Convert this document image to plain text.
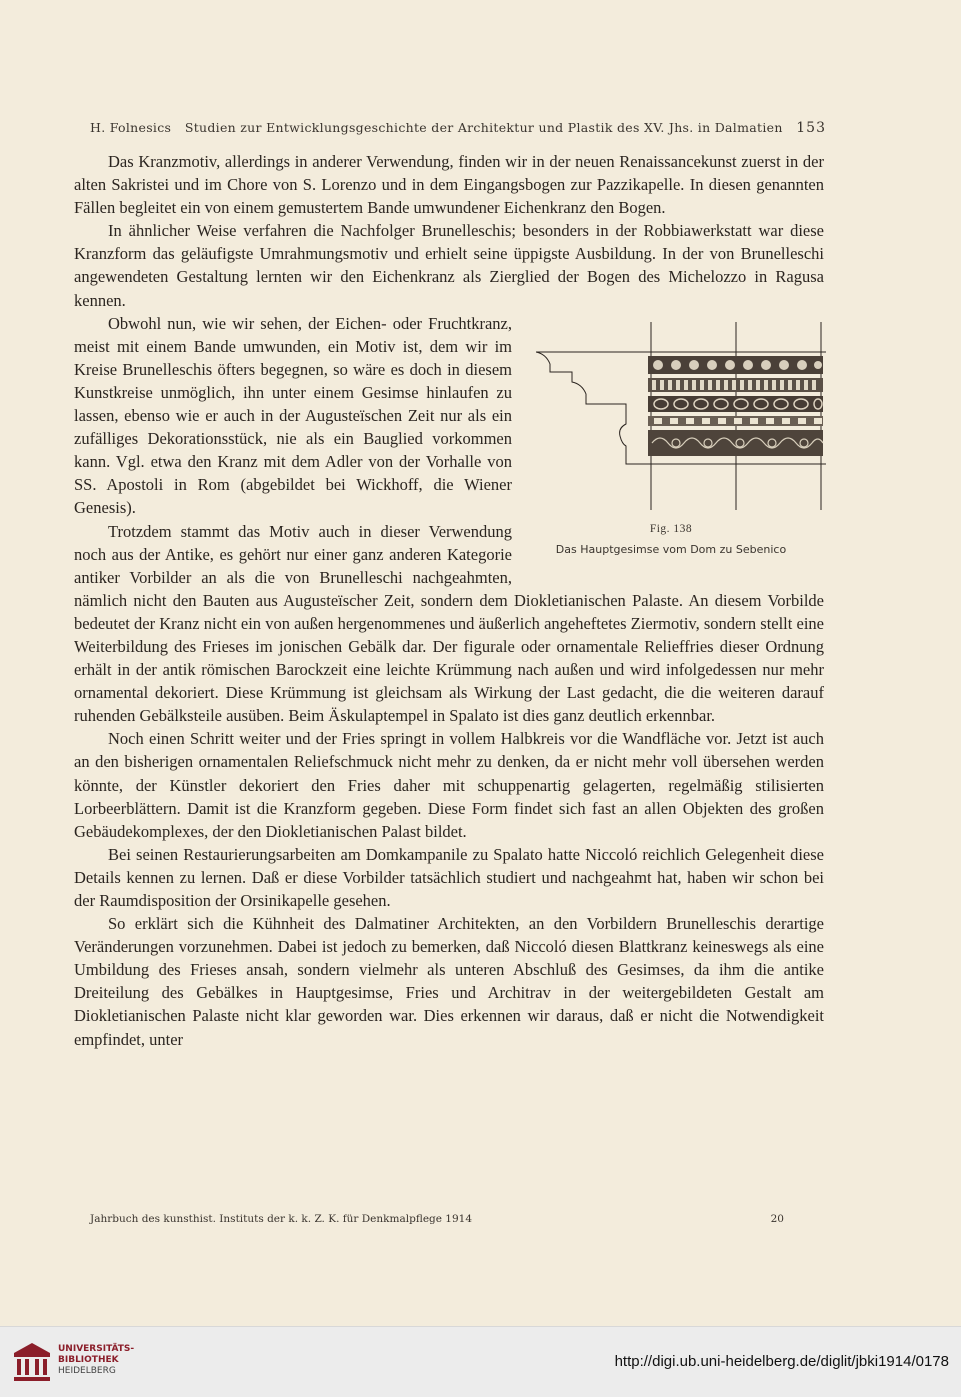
H. Folnesics Studien zur Entwicklungsgeschichte der Architektur und Plastik des XV. Jhs. in Dalmatien 153

Das Kranzmotiv, allerdings in anderer Verwendung, finden wir in der neuen Renaissancekunst zuerst in der alten Sakristei und im Chore von S. Lorenzo und in dem Eingangsbogen zur Pazzikapelle. In diesen genannten Fällen begleitet ein von einem gemustertem Bande umwundener Eichenkranz den Bogen.

In ähnlicher Weise verfahren die Nachfolger Brunelleschis; besonders in der Robbiawerkstatt war diese Kranzform das geläufigste Umrahmungsmotiv und erhielt seine üppigste Ausbildung. In der von Brunelleschi angewendeten Gestaltung lernten wir den Eichenkranz als Zierglied der Bogen des Michelozzo in Ragusa kennen.

Fig. 138
Das Hauptgesimse vom Dom zu Sebenico

Obwohl nun, wie wir sehen, der Eichen- oder Fruchtkranz, meist mit einem Bande umwunden, ein Motiv ist, dem wir im Kreise Brunelleschis öfters begegnen, so wäre es doch in diesem Kunstkreise unmöglich, ihn unter einem Gesimse hinlaufen zu lassen, ebenso wie er auch in der Augusteïschen Zeit nur als ein zufälliges Dekorationsstück, nie als ein Bauglied vorkommen kann. Vgl. etwa den Kranz mit dem Adler von der Vorhalle von SS. Apostoli in Rom (abgebildet bei Wickhoff, die Wiener Genesis).

Trotzdem stammt das Motiv auch in dieser Verwendung noch aus der Antike, es gehört nur einer ganz anderen Kategorie antiker Vorbilder an als die von Brunelleschi nachgeahmten, nämlich nicht den Bauten aus Augusteïscher Zeit, sondern dem Diokletianischen Palaste. An diesem Vorbilde bedeutet der Kranz nicht ein von außen hergenommenes und äußerlich angeheftetes Ziermotiv, sondern stellt eine Weiterbildung des Frieses im jonischen Gebälk dar. Der figurale oder ornamentale Relieffries dieser Ordnung erhält in der antik römischen Barockzeit eine leichte Krümmung nach außen und wird infolgedessen nur mehr ornamental dekoriert. Diese Krümmung ist gleichsam als Wirkung der Last gedacht, die die weiteren darauf ruhenden Gebälksteile ausüben. Beim Äskulaptempel in Spalato ist dies ganz deutlich erkennbar.

Noch einen Schritt weiter und der Fries springt in vollem Halbkreis vor die Wandfläche vor. Jetzt ist auch an den bisherigen ornamentalen Reliefschmuck nicht mehr zu denken, da er nicht mehr voll übersehen werden könnte, der Künstler dekoriert den Fries daher mit schuppenartig gelagerten, regelmäßig stilisierten Lorbeerblättern. Damit ist die Kranzform gegeben. Diese Form findet sich fast an allen Objekten des großen Gebäudekomplexes, der den Diokletianischen Palast bildet.

Bei seinen Restaurierungsarbeiten am Domkampanile zu Spalato hatte Niccoló reichlich Gelegenheit diese Details kennen zu lernen. Daß er diese Vorbilder tatsächlich studiert und nachgeahmt hat, haben wir schon bei der Raumdisposition der Orsinikapelle gesehen.

So erklärt sich die Kühnheit des Dalmatiner Architekten, an den Vorbildern Brunelleschis derartige Veränderungen vorzunehmen. Dabei ist jedoch zu bemerken, daß Niccoló diesen Blattkranz keineswegs als eine Umbildung des Frieses ansah, sondern vielmehr als unteren Abschluß des Gesimses, da ihm die antike Dreiteilung des Gebälkes in Hauptgesimse, Fries und Architrav in der weitergebildeten Gestalt am Diokletianischen Palaste nicht klar geworden war. Dies erkennen wir daraus, daß er nicht die Notwendigkeit empfindet, unter

Jahrbuch des kunsthist. Instituts der k. k. Z. K. für Denkmalpflege 1914	20
UNIVERSITÄTS-
BIBLIOTHEK
HEIDELBERG
http://digi.ub.uni-heidelberg.de/diglit/jbki1914/0178
